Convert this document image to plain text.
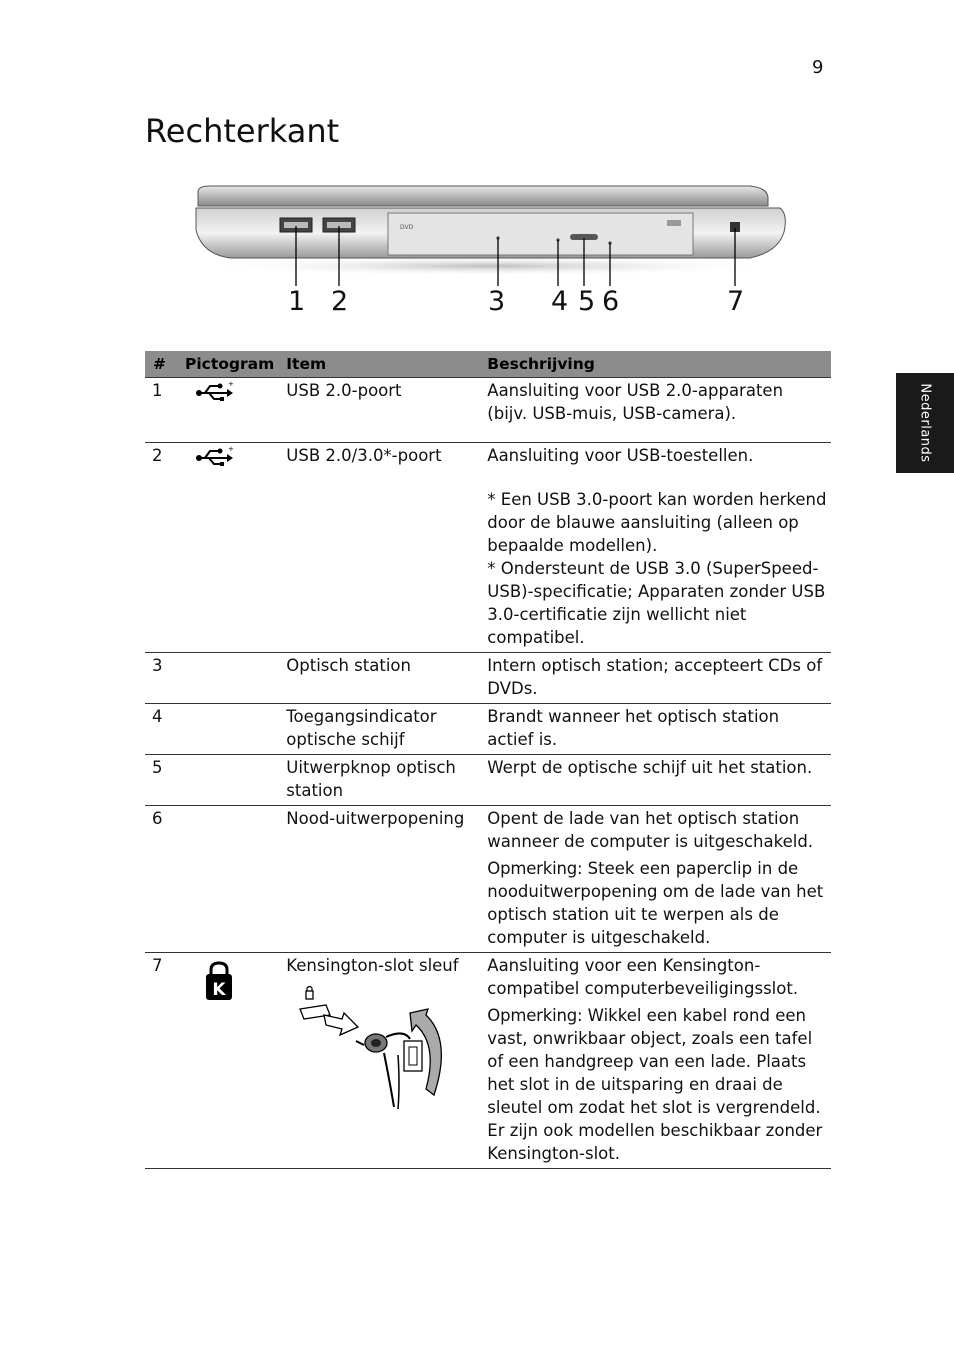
9
Rechterkant
Nederlands
DVD
1 2	3 4 5 6	7
#	Pictogram	Item	Beschrijving
1	+	USB 2.0-poort	Aansluiting voor USB 2.0-apparaten (bijv. USB-muis, USB-camera).

2	+	USB 2.0/3.0*-poort	Aansluiting voor USB-toestellen.

* Een USB 3.0-poort kan worden herkend door de blauwe aansluiting (alleen op bepaalde modellen).

* Ondersteunt de USB 3.0 (SuperSpeed-USB)-specificatie; Apparaten zonder USB 3.0-certificatie zijn wellicht niet compatibel.

3		Optisch station	Intern optisch station; accepteert CDs of DVDs.

4		Toegangsindicator optische schijf	Brandt wanneer het optisch station actief is.

5		Uitwerpknop optisch station	Werpt de optische schijf uit het station.

6		Nood-uitwerpopening	Opent de lade van het optisch station wanneer de computer is uitgeschakeld.

Opmerking: Steek een paperclip in de nooduitwerpopening om de lade van het optisch station uit te werpen als de computer is uitgeschakeld.

7	K	Kensington-slot sleuf	Aansluiting voor een Kensington-compatibel computerbeveiligingsslot.

Opmerking: Wikkel een kabel rond een vast, onwrikbaar object, zoals een tafel of een handgreep van een lade. Plaats het slot in de uitsparing en draai de sleutel om zodat het slot is vergrendeld. Er zijn ook modellen beschikbaar zonder Kensington-slot.
